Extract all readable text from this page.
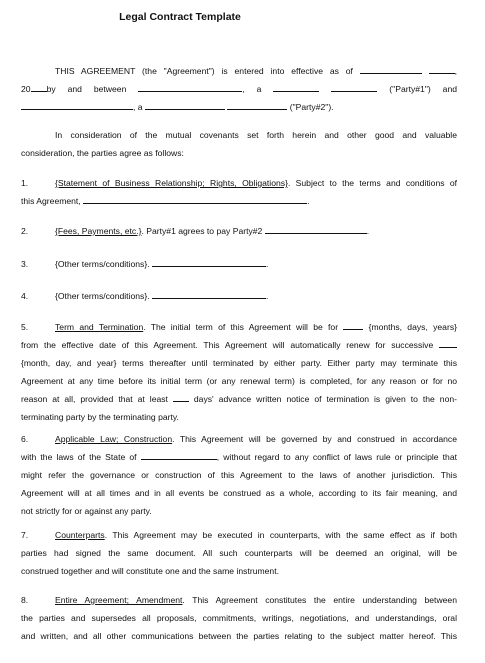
Legal Contract Template
THIS AGREEMENT (the "Agreement") is entered into effective as of	,
20 by and between	, a	("Party#1") and
, a	("Party#2").
In consideration of the mutual covenants set forth herein and other good and valuable
consideration, the parties agree as follows:
1.	{Statement of Business Relationship; Rights, Obligations}. Subject to the terms and conditions of
this Agreement,	.
2.	{Fees, Payments, etc.}. Party#1 agrees to pay Party#2	.
3.	{Other terms/conditions}.	.
4.	{Other terms/conditions}.	.
5.	Term and Termination. The initial term of this Agreement will be for	{months, days, years}
from the effective date of this Agreement. This Agreement will automatically renew for successive
{month, day, and year} terms thereafter until terminated by either party. Either party may terminate this
Agreement at any time before its initial term (or any renewal term) is completed, for any reason or for no
reason at all, provided that at least	days' advance written notice of termination is given to the non-
terminating party by the terminating party.
6.	Applicable Law; Construction. This Agreement will be governed by and construed in accordance
with the laws of the State of	, without regard to any conflict of laws rule or principle that
might refer the governance or construction of this Agreement to the laws of another jurisdiction. This
Agreement will at all times and in all events be construed as a whole, according to its fair meaning, and
not strictly for or against any party.
7.	Counterparts. This Agreement may be executed in counterparts, with the same effect as if both
parties had signed the same document. All such counterparts will be deemed an original, will be
construed together and will constitute one and the same instrument.
8.	Entire Agreement; Amendment. This Agreement constitutes the entire understanding between
the parties and supersedes all proposals, commitments, writings, negotiations, and understandings, oral
and written, and all other communications between the parties relating to the subject matter hereof. This
